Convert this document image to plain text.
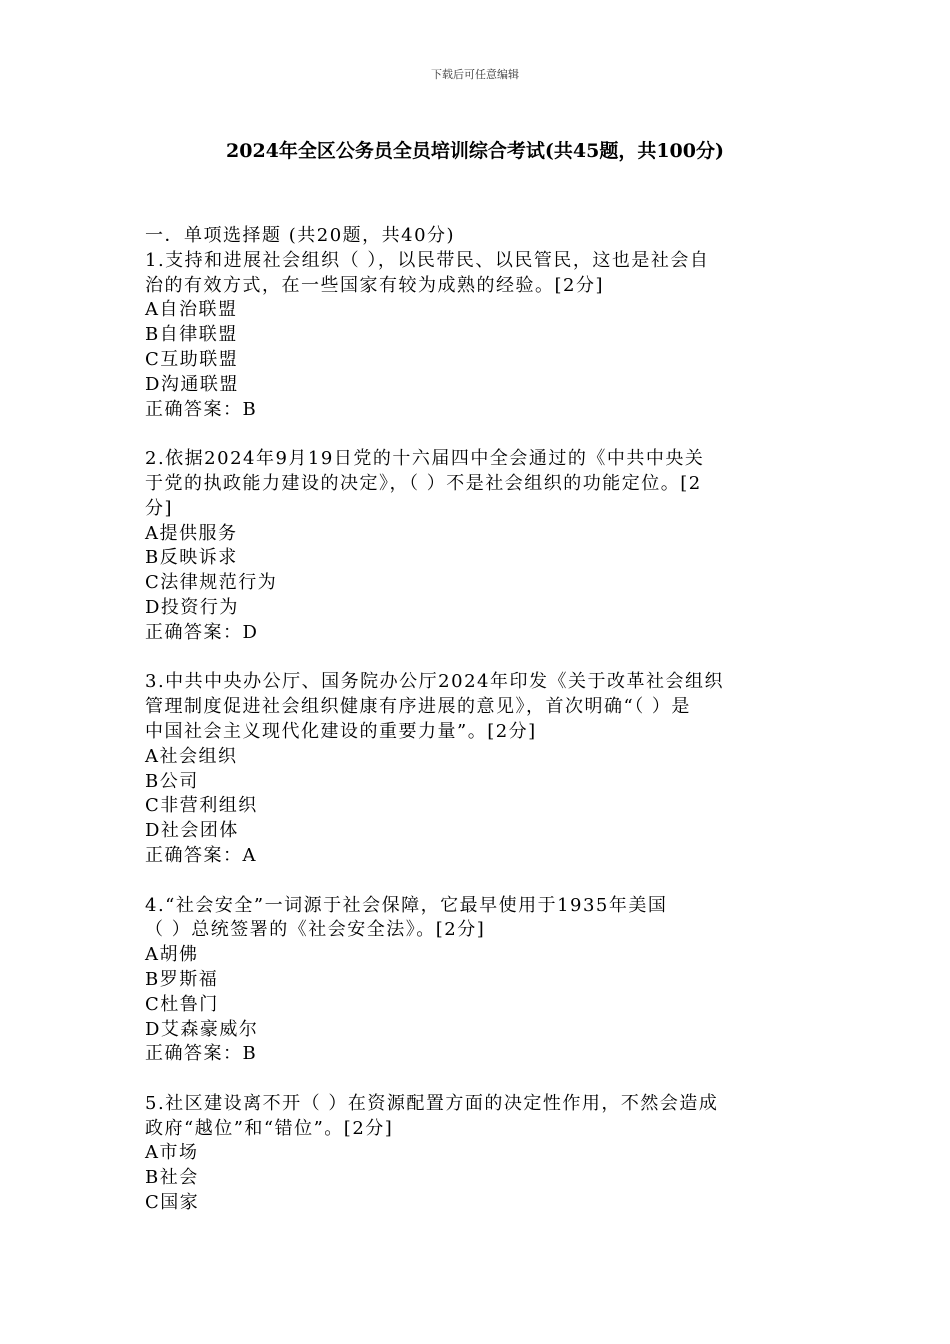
下载后可任意编辑
2024年全区公务员全员培训综合考试(共45题，共100分)
一．单项选择题 (共20题，共40分)
1.支持和进展社会组织（ ），以民带民、以民管民，这也是社会自
治的有效方式，在一些国家有较为成熟的经验。[2分]
A自治联盟
B自律联盟
C互助联盟
D沟通联盟
正确答案：B
2.依据2024年9月19日党的十六届四中全会通过的《中共中央关
于党的执政能力建设的决定》，（ ）不是社会组织的功能定位。[2
分]
A提供服务
B反映诉求
C法律规范行为
D投资行为
正确答案：D
3.中共中央办公厅、国务院办公厅2024年印发《关于改革社会组织
管理制度促进社会组织健康有序进展的意见》，首次明确“（ ）是
中国社会主义现代化建设的重要力量”。[2分]
A社会组织
B公司
C非营利组织
D社会团体
正确答案：A
4.“社会安全”一词源于社会保障，它最早使用于1935年美国
（ ）总统签署的《社会安全法》。[2分]
A胡佛
B罗斯福
C杜鲁门
D艾森豪威尔
正确答案：B
5.社区建设离不开（ ）在资源配置方面的决定性作用，不然会造成
政府“越位”和“错位”。[2分]
A市场
B社会
C国家
